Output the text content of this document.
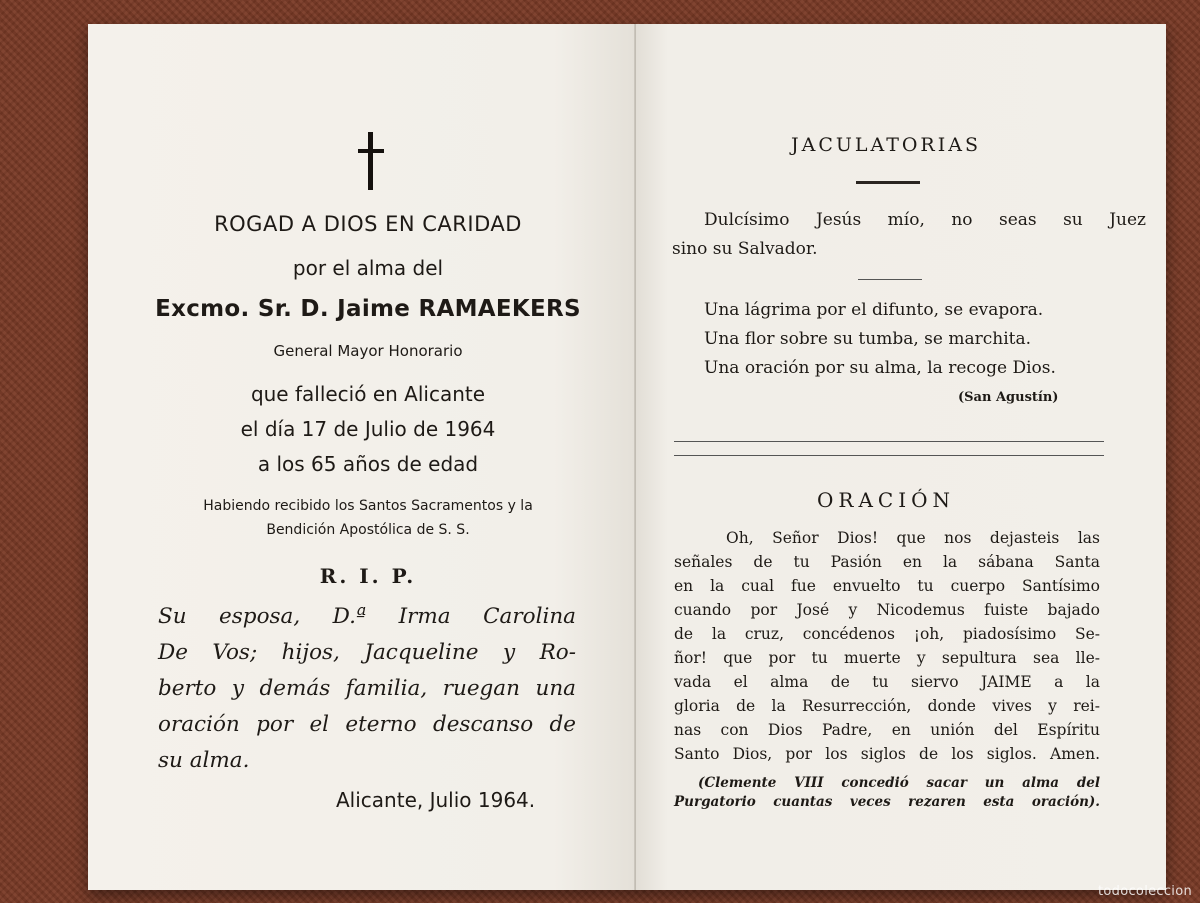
ROGAD A DIOS EN CARIDAD
por el alma del
Excmo. Sr. D. Jaime RAMAEKERS
General Mayor Honorario
que falleció en Alicante
el día 17 de Julio de 1964
a los 65 años de edad
Habiendo recibido los Santos Sacramentos y la
Bendición Apostólica de S. S.
R. I. P.
Su esposa, D.ª Irma Carolina
De Vos; hijos, Jacqueline y Ro-
berto y demás familia, ruegan una
oración por el eterno descanso de
su alma.
Alicante, Julio 1964.
JACULATORIAS
Dulcísimo Jesús mío, no seas su Juez
sino su Salvador.
Una lágrima por el difunto, se evapora.
Una flor sobre su tumba, se marchita.
Una oración por su alma, la recoge Dios.
(San Agustín)
ORACIÓN
Oh, Señor Dios! que nos dejasteis las
señales de tu Pasión en la sábana Santa
en la cual fue envuelto tu cuerpo Santísimo
cuando por José y Nicodemus fuiste bajado
de la cruz, concédenos ¡oh, piadosísimo Se-
ñor! que por tu muerte y sepultura sea lle-
vada el alma de tu siervo JAIME a la
gloria de la Resurrección, donde vives y rei-
nas con Dios Padre, en unión del Espíritu
Santo Dios, por los siglos de los siglos. Amen.
(Clemente VIII concedió sacar un alma del
Purgatorio cuantas veces rezaren esta oración).
todocoleccion
